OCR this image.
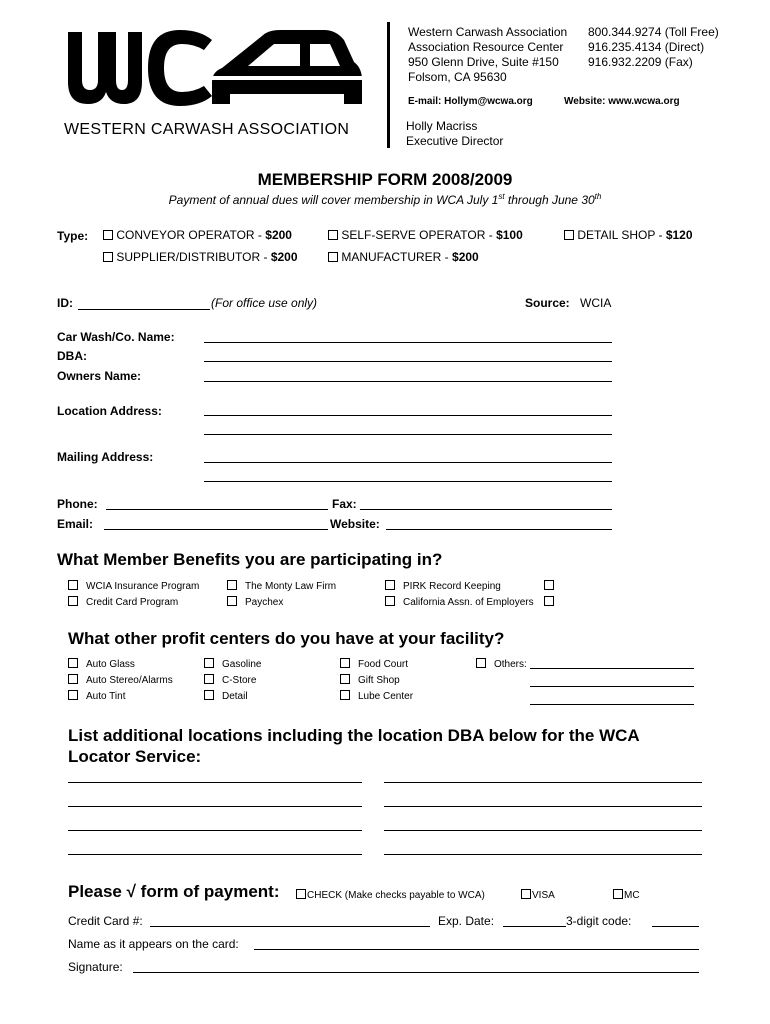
WESTERN CARWASH ASSOCIATION
Western Carwash Association
Association Resource Center
950 Glenn Drive, Suite #150
Folsom, CA 95630
800.344.9274 (Toll Free)
916.235.4134 (Direct)
916.932.2209 (Fax)
E-mail: Hollym@wcwa.org	Website: www.wcwa.org
Holly Macriss
Executive Director
MEMBERSHIP FORM 2008/2009
Payment of annual dues will cover membership in WCA July 1st through June 30th
Type:	CONVEYOR OPERATOR - $200	SELF-SERVE OPERATOR - $100	DETAIL SHOP - $120
SUPPLIER/DISTRIBUTOR - $200	MANUFACTURER - $200
ID:	(For office use only)	Source: WCIA
Car Wash/Co. Name:
DBA:
Owners Name:
Location Address:
Mailing Address:
Phone:	Fax:
Email:	Website:
What Member Benefits you are participating in?
WCIA Insurance Program	The Monty Law Firm	PIRK Record Keeping
Credit Card Program	Paychex	California Assn. of Employers
What other profit centers do you have at your facility?
Auto Glass	Gasoline	Food Court	Others:
Auto Stereo/Alarms	C-Store	Gift Shop
Auto Tint	Detail	Lube Center
List additional locations including the location DBA below for the WCA
Locator Service:
Please √ form of payment:	CHECK (Make checks payable to WCA)	VISA	MC
Credit Card #:	Exp. Date:	3-digit code:
Name as it appears on the card:
Signature:
